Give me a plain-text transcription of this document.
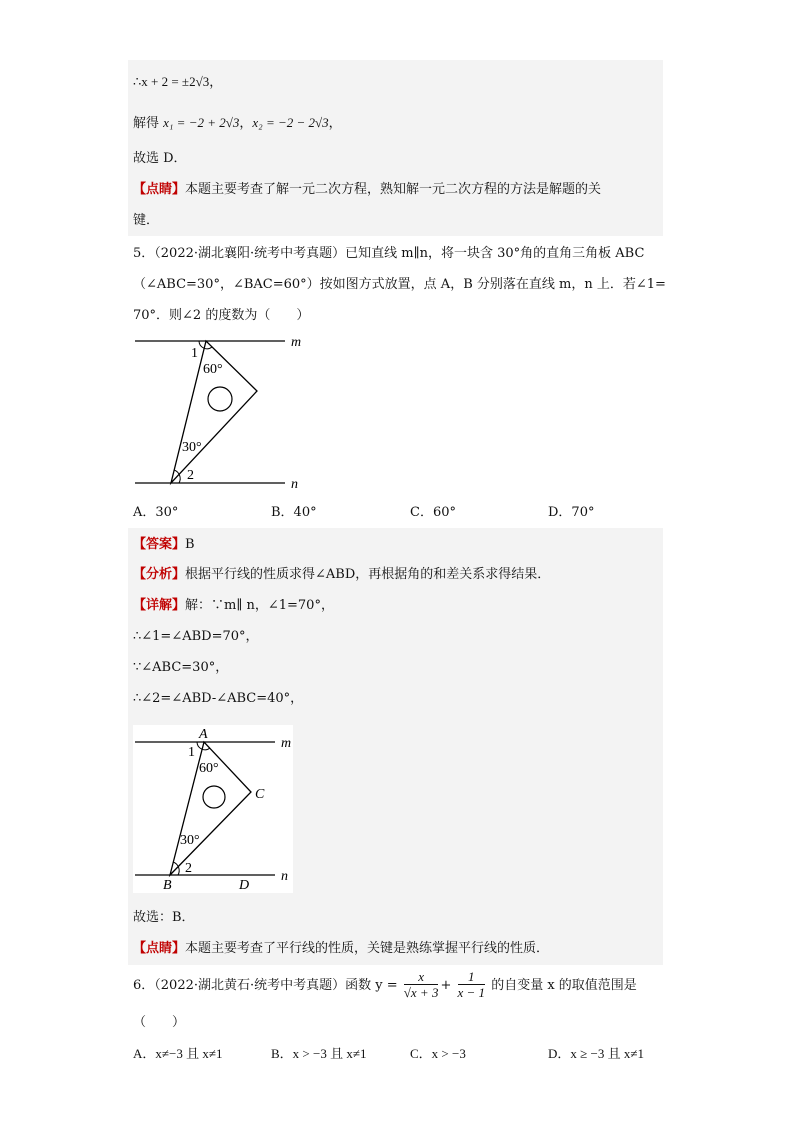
∴x + 2 = ±2√3，
解得 x₁ = −2 + 2√3，x₂ = −2 − 2√3，
故选 D．
【点睛】本题主要考查了解一元二次方程，熟知解一元二次方程的方法是解题的关
键．
5．（2022·湖北襄阳·统考中考真题）已知直线 m∥n，将一块含 30°角的直角三角板 ABC
（∠ABC=30°，∠BAC=60°）按如图方式放置，点 A，B 分别落在直线 m，n 上．若∠1=
70°．则∠2 的度数为（　　）
m
n
1
60°
30°
2
A．30°	B．40°	C．60°	D．70°
【答案】B
【分析】根据平行线的性质求得∠ABD，再根据角的和差关系求得结果．
【详解】解：∵m∥ n，∠1=70°，
∴∠1=∠ABD=70°，
∵∠ABC=30°，
∴∠2=∠ABD-∠ABC=40°，
A
B
C
D
m
n
1
60°
30°
2
故选：B．
【点睛】本题主要考查了平行线的性质，关键是熟练掌握平行线的性质．
6．（2022·湖北黄石·统考中考真题）函数 $y = \frac{x}{√x + 3} + \frac{1}{x - 1}$ 的自变量 x 的取值范围是
（　　）
A．x≠−3 且 x≠1	B．x > −3 且 x≠1	C．x > −3	D．x ≥ −3 且 x≠1
